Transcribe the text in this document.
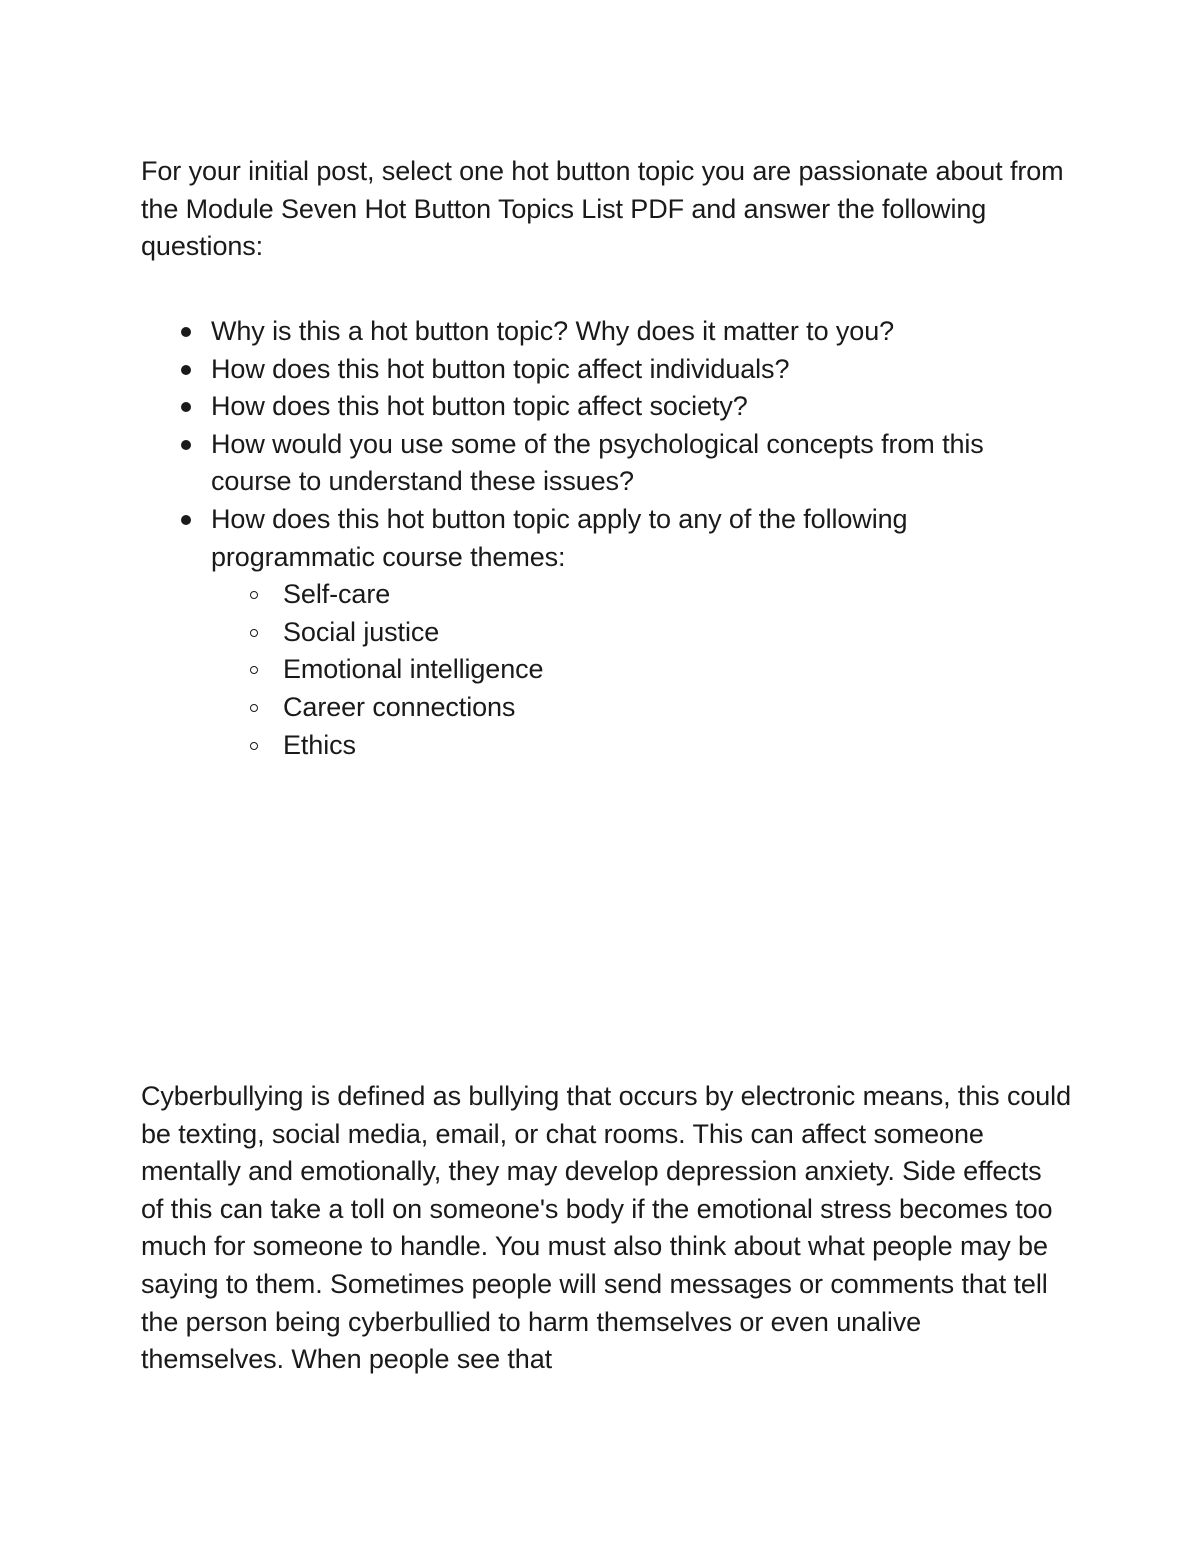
For your initial post, select one hot button topic you are passionate about from the Module Seven Hot Button Topics List PDF and answer the following questions:

Why is this a hot button topic? Why does it matter to you?
How does this hot button topic affect individuals?
How does this hot button topic affect society?
How would you use some of the psychological concepts from this course to understand these issues?
How does this hot button topic apply to any of the following programmatic course themes:
Self-care
Social justice
Emotional intelligence
Career connections
Ethics

Cyberbullying is defined as bullying that occurs by electronic means, this could be texting, social media, email, or chat rooms. This can affect someone mentally and emotionally, they may develop depression anxiety. Side effects of this can take a toll on someone's body if the emotional stress becomes too much for someone to handle. You must also think about what people may be saying to them. Sometimes people will send messages or comments that tell the person being cyberbullied to harm themselves or even unalive themselves. When people see that
